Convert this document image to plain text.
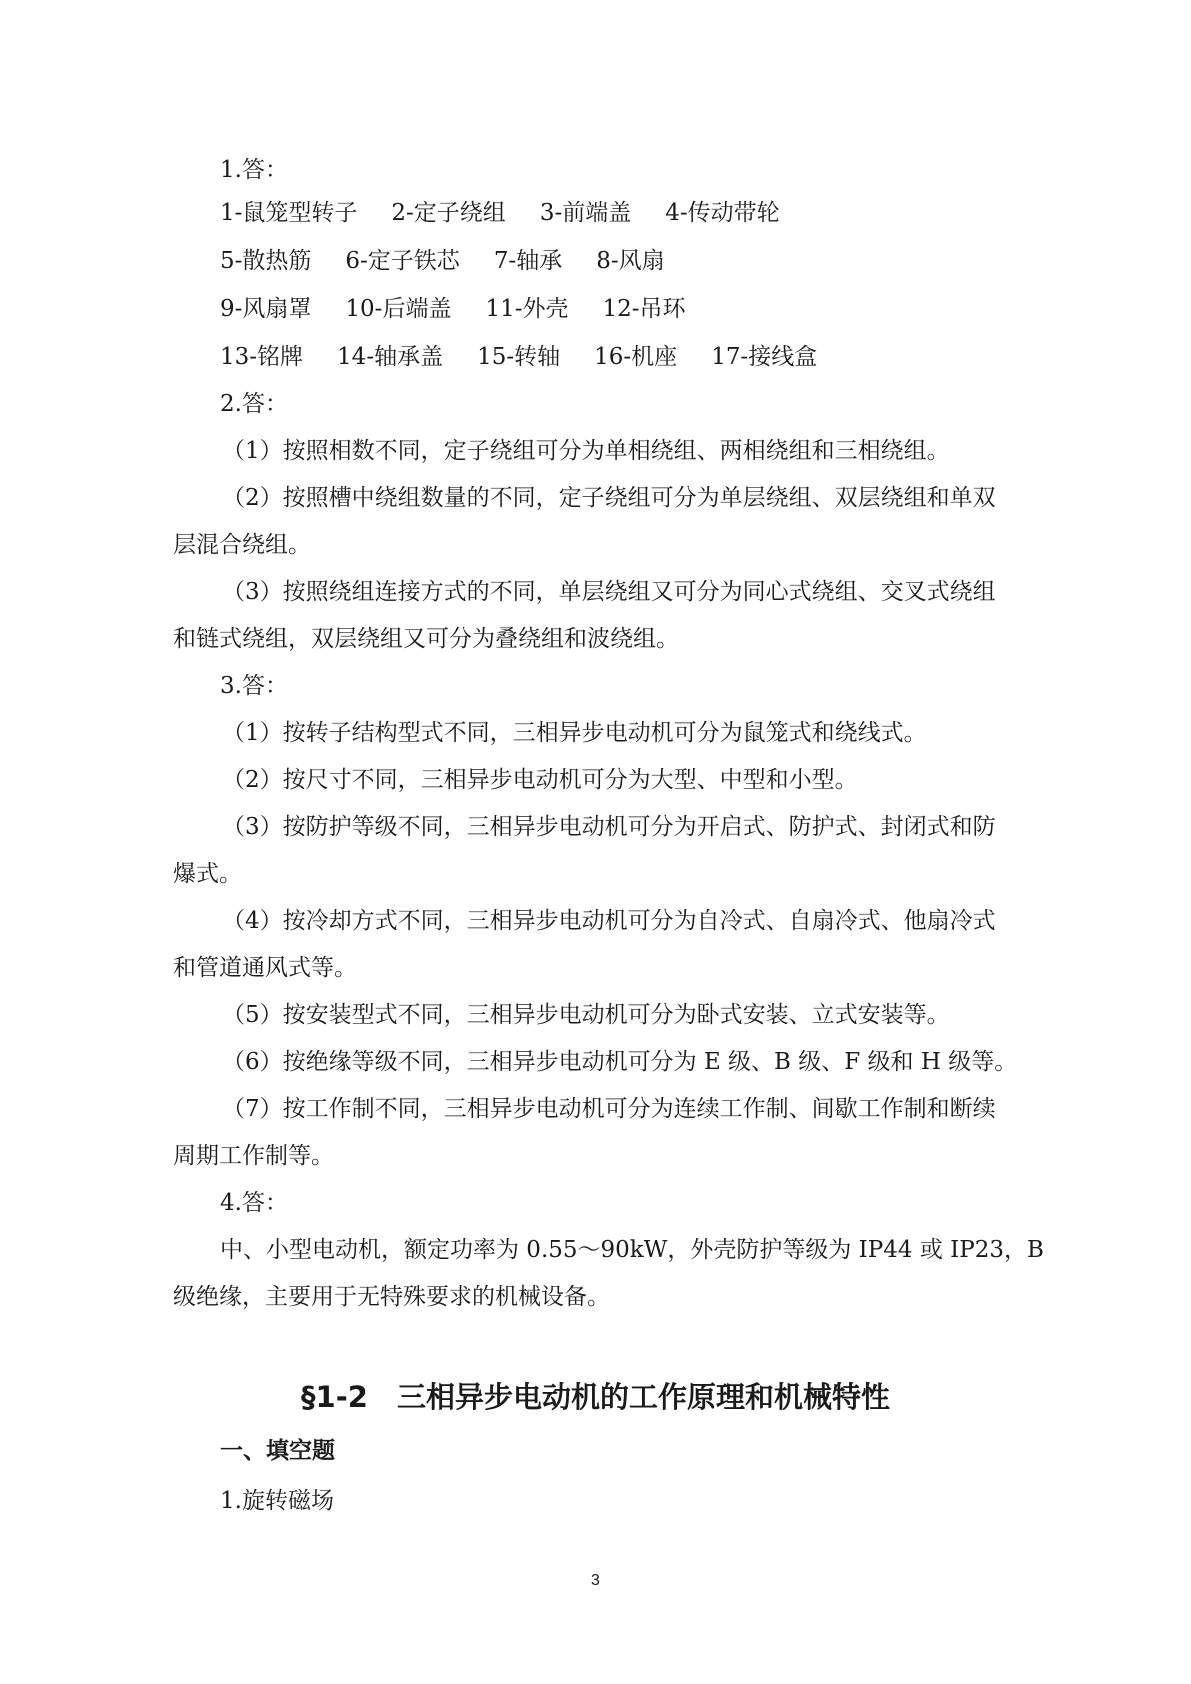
1.答：
1-鼠笼型转子 2-定子绕组 3-前端盖 4-传动带轮
5-散热筋 6-定子铁芯 7-轴承 8-风扇
9-风扇罩 10-后端盖 11-外壳 12-吊环
13-铭牌 14-轴承盖 15-转轴 16-机座 17-接线盒
2.答：
（1）按照相数不同，定子绕组可分为单相绕组、两相绕组和三相绕组。
（2）按照槽中绕组数量的不同，定子绕组可分为单层绕组、双层绕组和单双
层混合绕组。
（3）按照绕组连接方式的不同，单层绕组又可分为同心式绕组、交叉式绕组
和链式绕组，双层绕组又可分为叠绕组和波绕组。
3.答：
（1）按转子结构型式不同，三相异步电动机可分为鼠笼式和绕线式。
（2）按尺寸不同，三相异步电动机可分为大型、中型和小型。
（3）按防护等级不同，三相异步电动机可分为开启式、防护式、封闭式和防
爆式。
（4）按冷却方式不同，三相异步电动机可分为自冷式、自扇冷式、他扇冷式
和管道通风式等。
（5）按安装型式不同，三相异步电动机可分为卧式安装、立式安装等。
（6）按绝缘等级不同，三相异步电动机可分为 E 级、B 级、F 级和 H 级等。
（7）按工作制不同，三相异步电动机可分为连续工作制、间歇工作制和断续
周期工作制等。
4.答：
中、小型电动机，额定功率为 0.55～90kW，外壳防护等级为 IP44 或 IP23，B
级绝缘，主要用于无特殊要求的机械设备。
§1-2　三相异步电动机的工作原理和机械特性
一、填空题
1.旋转磁场
3
